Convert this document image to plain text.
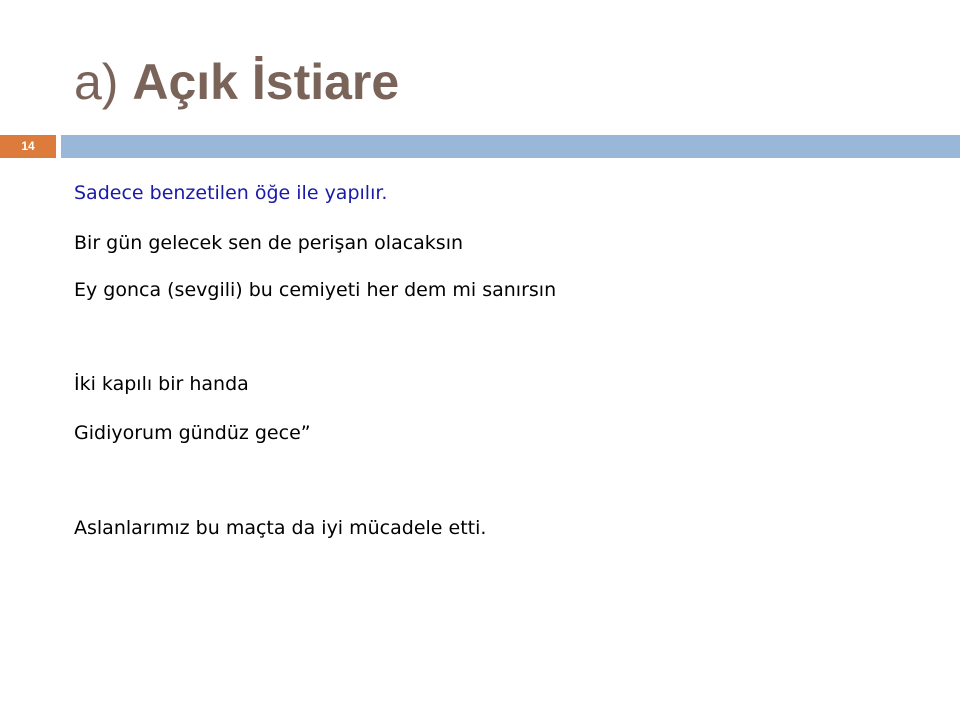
a) Açık İstiare
14

Sadece benzetilen öğe ile yapılır.

Bir gün gelecek sen de perişan olacaksın

Ey gonca (sevgili) bu cemiyeti her dem mi sanırsın

İki kapılı bir handa

Gidiyorum gündüz gece”

Aslanlarımız bu maçta da iyi mücadele etti.
